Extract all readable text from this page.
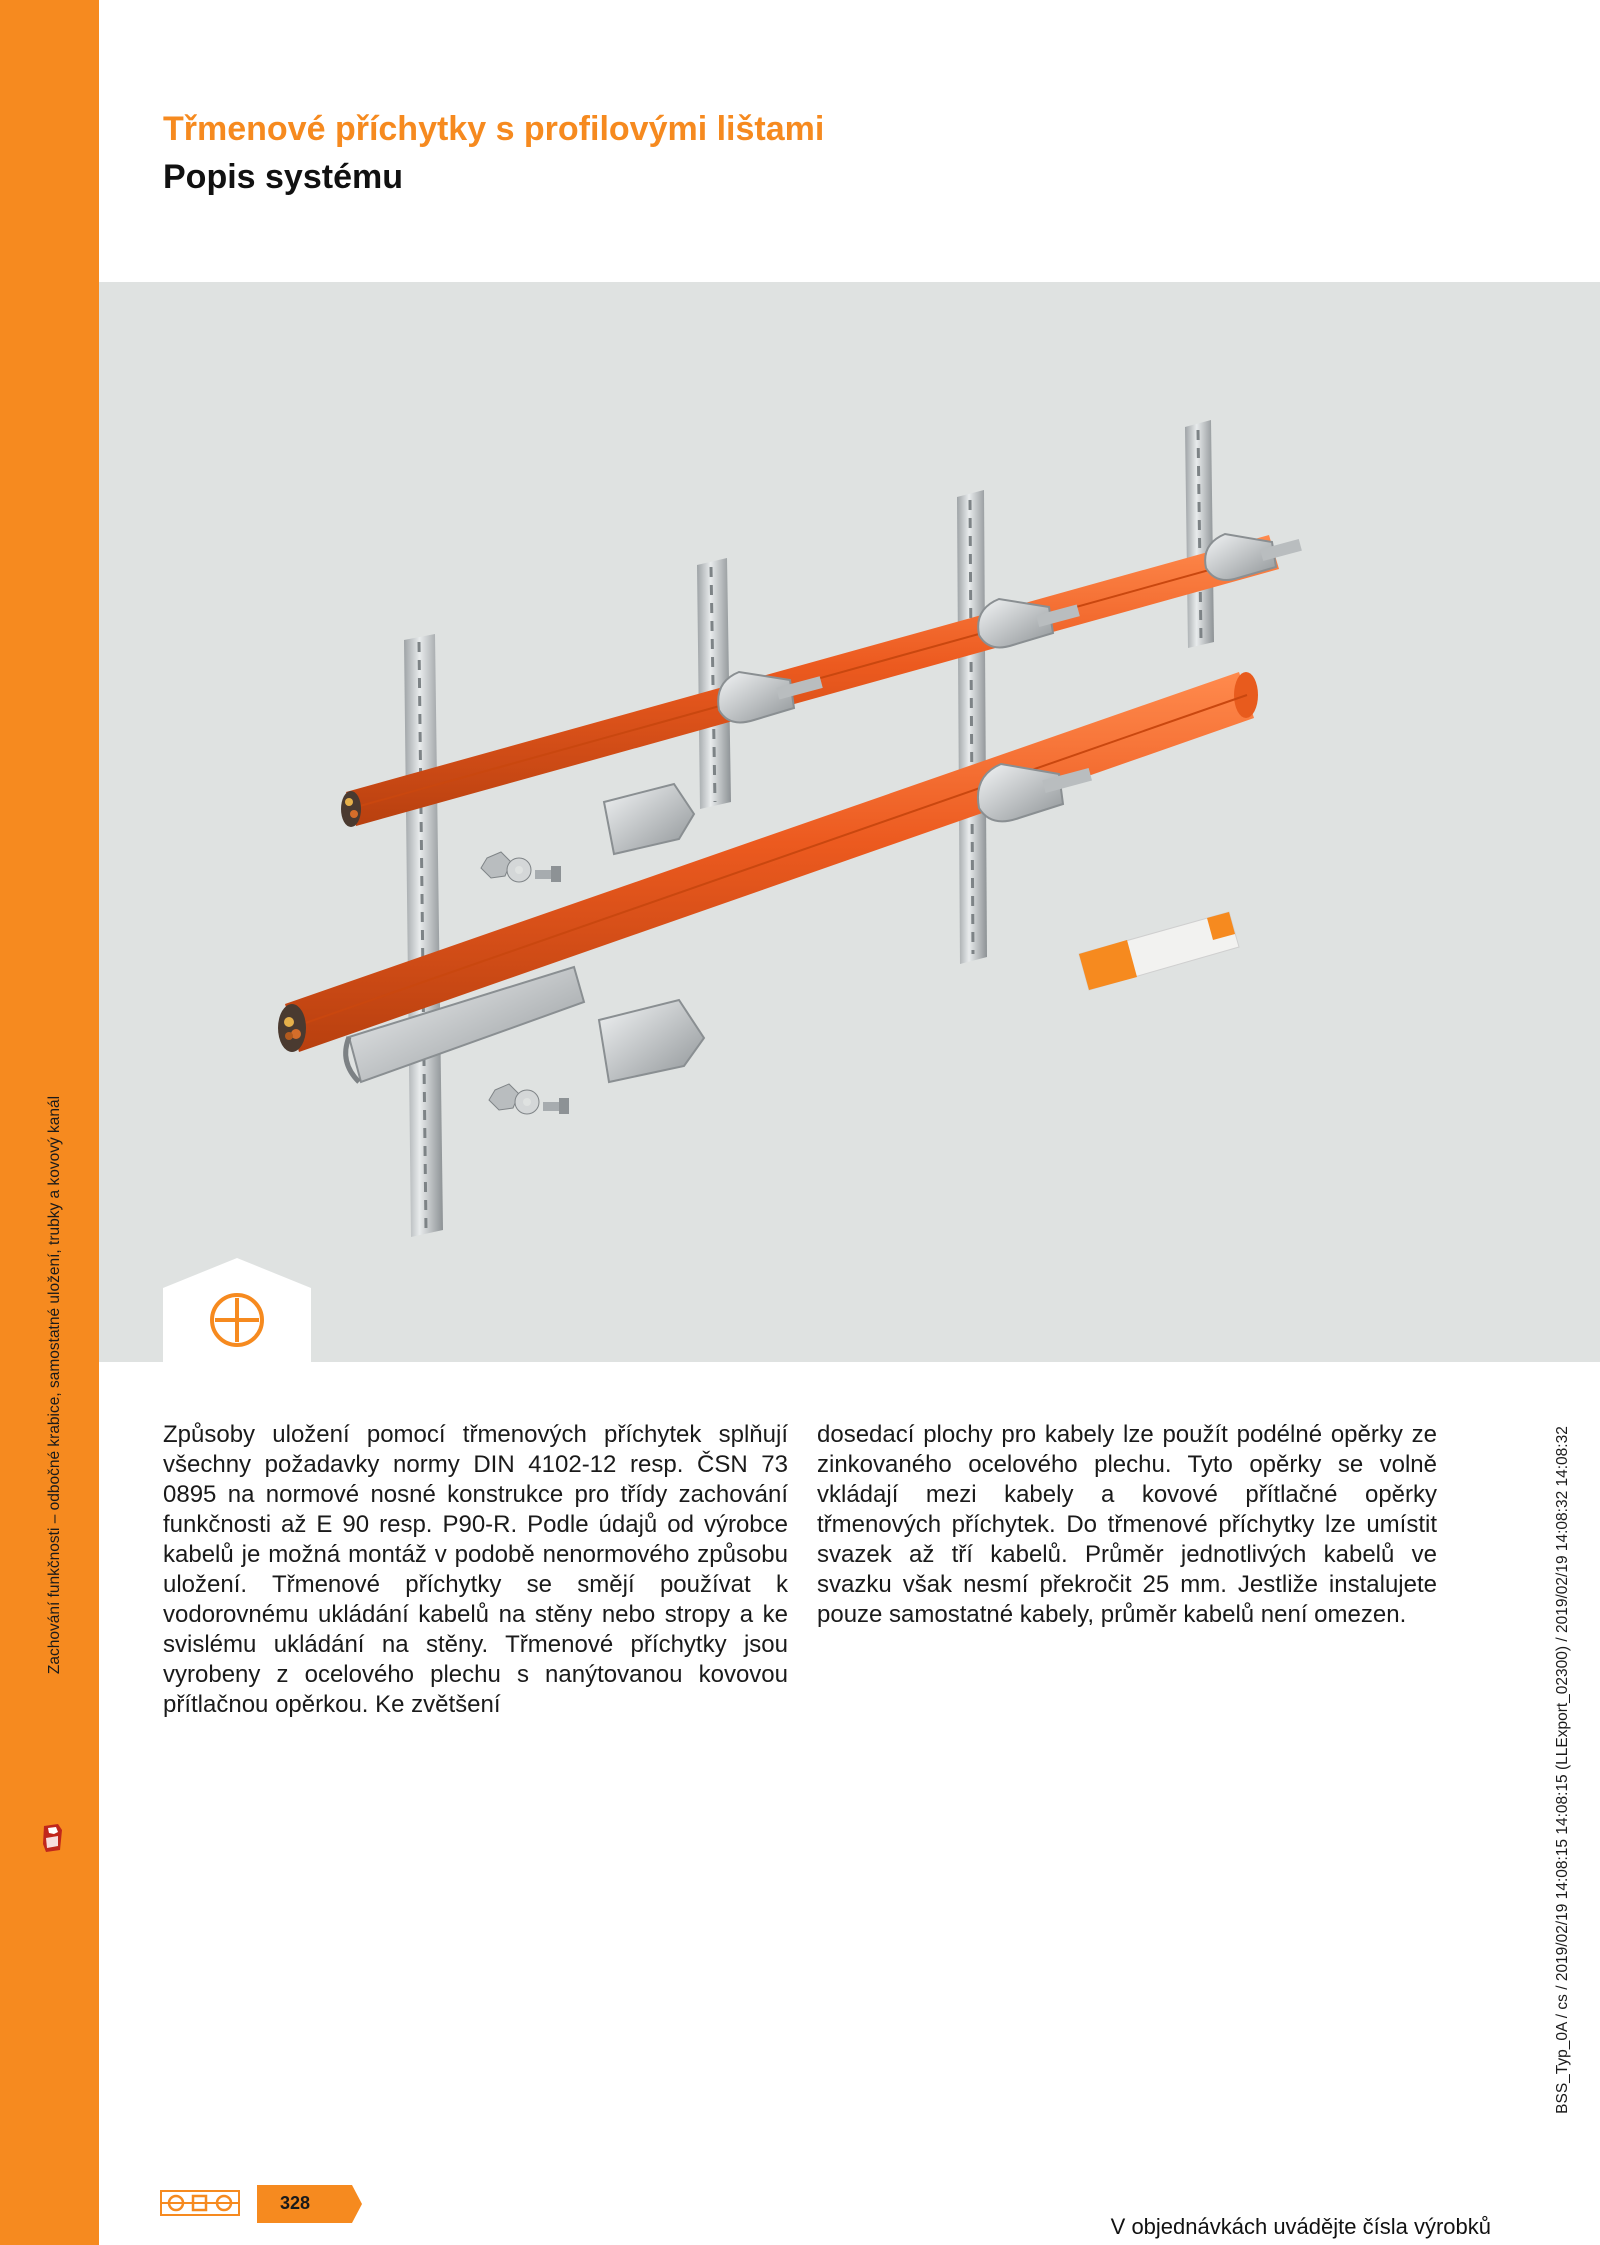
Zachování funkčnosti – odbočné krabice, samostatné uložení, trubky a kovový kanál
Třmenové příchytky s profilovými lištami
Popis systému

Způsoby uložení pomocí třmenových příchytek splňují všechny požadavky normy DIN 4102-12 resp. ČSN 73 0895 na normové nosné konstrukce pro třídy zachování funkčnosti až E 90 resp. P90-R. Podle údajů od výrobce kabelů je možná montáž v podobě nenormového způsobu uložení. Třmenové příchytky se smějí používat k vodorovnému ukládání kabelů na stěny nebo stropy a ke svislému ukládání na stěny. Třmenové příchytky jsou vyrobeny z ocelového plechu s nanýtovanou kovovou přítlačnou opěrkou. Ke zvětšení

dosedací plochy pro kabely lze použít podélné opěrky ze zinkovaného ocelového plechu. Tyto opěrky se volně vkládají mezi kabely a kovové přítlačné opěrky třmenových příchytek. Do třmenové příchytky lze umístit svazek až tří kabelů. Průměr jednotlivých kabelů ve svazku však nesmí překročit 25 mm. Jestliže instalujete pouze samostatné kabely, průměr kabelů není omezen.	BSS_Typ_0A / cs / 2019/02/19 14:08:15 14:08:15 (LLExport_02300) / 2019/02/19 14:08:32 14:08:32
328
V objednávkách uvádějte čísla výrobků
